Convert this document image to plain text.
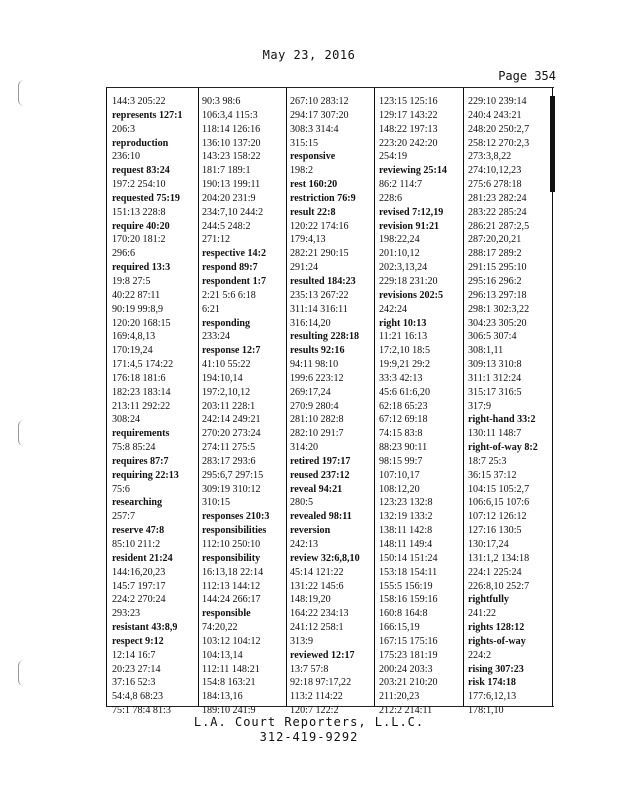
May 23, 2016
Page 354
144:3 205:22
represents 127:1
206:3
reproduction
236:10
request 83:24
197:2 254:10
requested 75:19
151:13 228:8
require 40:20
170:20 181:2
296:6
required 13:3
19:8 27:5
40:22 87:11
90:19 99:8,9
120:20 168:15
169:4,8,13
170:19,24
171:4,5 174:22
176:18 181:6
182:23 183:14
213:11 292:22
308:24
requirements
75:8 85:24
requires 87:7
requiring 22:13
75:6
researching
257:7
reserve 47:8
85:10 211:2
resident 21:24
144:16,20,23
145:7 197:17
224:2 270:24
293:23
resistant 43:8,9
respect 9:12
12:14 16:7
20:23 27:14
37:16 52:3
54:4,8 68:23
75:1 78:4 81:3
90:3 98:6
106:3,4 115:3
118:14 126:16
136:10 137:20
143:23 158:22
181:7 189:1
190:13 199:11
204:20 231:9
234:7,10 244:2
244:5 248:2
271:12
respective 14:2
respond 89:7
respondent 1:7
2:21 5:6 6:18
6:21
responding
233:24
response 12:7
41:10 55:22
194:10,14
197:2,10,12
203:11 228:1
242:14 249:21
270:20 273:24
274:11 275:5
283:17 293:6
295:6,7 297:15
309:19 310:12
310:15
responses 210:3
responsibilities
112:10 250:10
responsibility
16:13,18 22:14
112:13 144:12
144:24 266:17
responsible
74:20,22
103:12 104:12
104:13,14
112:11 148:21
154:8 163:21
184:13,16
189:10 241:9
267:10 283:12
294:17 307:20
308:3 314:4
315:15
responsive
198:2
rest 160:20
restriction 76:9
result 22:8
120:22 174:16
179:4,13
282:21 290:15
291:24
resulted 184:23
235:13 267:22
311:14 316:11
316:14,20
resulting 228:18
results 92:16
94:11 98:10
199:6 223:12
269:17,24
270:9 280:4
281:10 282:8
282:10 291:7
314:20
retired 197:17
reused 237:12
reveal 94:21
280:5
revealed 98:11
reversion
242:13
review 32:6,8,10
45:14 121:22
131:22 145:6
148:19,20
164:22 234:13
241:12 258:1
313:9
reviewed 12:17
13:7 57:8
92:18 97:17,22
113:2 114:22
120:7 122:2
123:15 125:16
129:17 143:22
148:22 197:13
223:20 242:20
254:19
reviewing 25:14
86:2 114:7
228:6
revised 7:12,19
revision 91:21
198:22,24
201:10,12
202:3,13,24
229:18 231:20
revisions 202:5
242:24
right 10:13
11:21 16:13
17:2,10 18:5
19:9,21 29:2
33:3 42:13
45:6 61:6,20
62:18 65:23
67:12 69:18
74:15 83:8
88:23 90:11
98:15 99:7
107:10,17
108:12,20
123:23 132:8
132:19 133:2
138:11 142:8
148:11 149:4
150:14 151:24
153:18 154:11
155:5 156:19
158:16 159:16
160:8 164:8
166:15,19
167:15 175:16
175:23 181:19
200:24 203:3
203:21 210:20
211:20,23
212:2 214:11
229:10 239:14
240:4 243:21
248:20 250:2,7
258:12 270:2,3
273:3,8,22
274:10,12,23
275:6 278:18
281:23 282:24
283:22 285:24
286:21 287:2,5
287:20,20,21
288:17 289:2
291:15 295:10
295:16 296:2
296:13 297:18
298:1 302:3,22
304:23 305:20
306:5 307:4
308:1,11
309:13 310:8
311:1 312:24
315:17 316:5
317:9
right-hand 33:2
130:11 148:7
right-of-way 8:2
18:7 25:3
36:15 37:12
104:15 105:2,7
106:6,15 107:6
107:12 126:12
127:16 130:5
130:17,24
131:1,2 134:18
224:1 225:24
226:8,10 252:7
rightfully
241:22
rights 128:12
rights-of-way
224:2
rising 307:23
risk 174:18
177:6,12,13
178:1,10
L.A. Court Reporters, L.L.C.
312-419-9292
